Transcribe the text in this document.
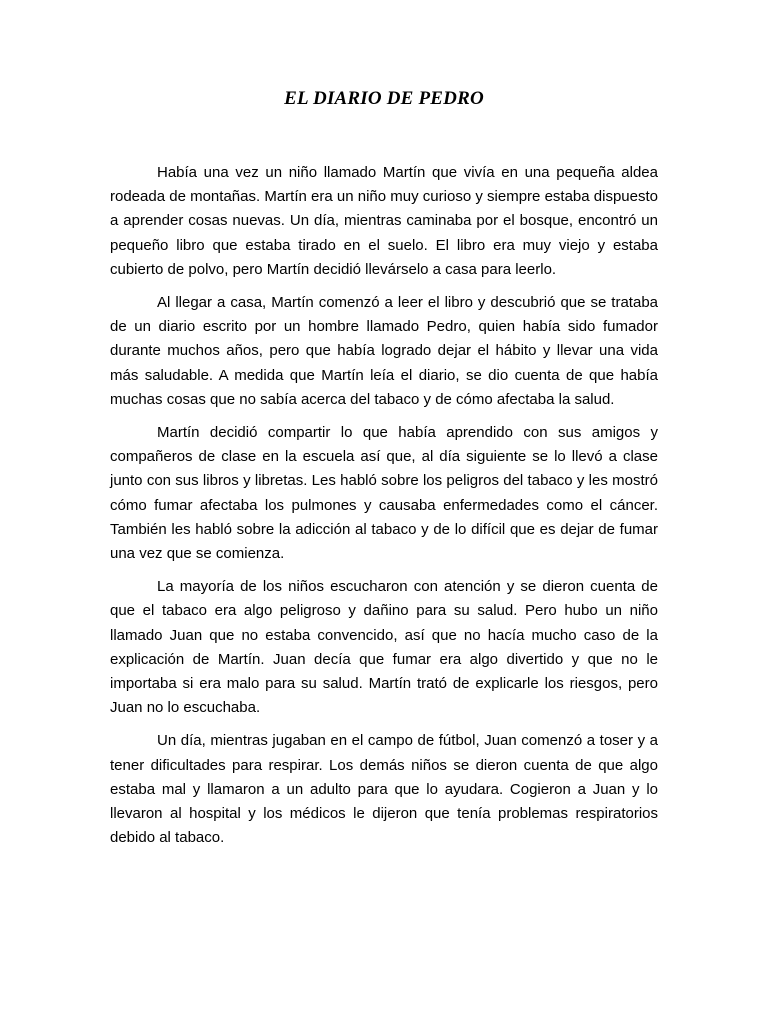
EL DIARIO DE PEDRO

Había una vez un niño llamado Martín que vivía en una pequeña aldea rodeada de montañas. Martín era un niño muy curioso y siempre estaba dispuesto a aprender cosas nuevas. Un día, mientras caminaba por el bosque, encontró un pequeño libro que estaba tirado en el suelo. El libro era muy viejo y estaba cubierto de polvo, pero Martín decidió llevárselo a casa para leerlo.

Al llegar a casa, Martín comenzó a leer el libro y descubrió que se trataba de un diario escrito por un hombre llamado Pedro, quien había sido fumador durante muchos años, pero que había logrado dejar el hábito y llevar una vida más saludable. A medida que Martín leía el diario, se dio cuenta de que había muchas cosas que no sabía acerca del tabaco y de cómo afectaba la salud.

Martín decidió compartir lo que había aprendido con sus amigos y compañeros de clase en la escuela así que, al día siguiente se lo llevó a clase junto con sus libros y libretas. Les habló sobre los peligros del tabaco y les mostró cómo fumar afectaba los pulmones y causaba enfermedades como el cáncer. También les habló sobre la adicción al tabaco y de lo difícil que es dejar de fumar una vez que se comienza.

La mayoría de los niños escucharon con atención y se dieron cuenta de que el tabaco era algo peligroso y dañino para su salud. Pero hubo un niño llamado Juan que no estaba convencido, así que no hacía mucho caso de la explicación de Martín. Juan decía que fumar era algo divertido y que no le importaba si era malo para su salud. Martín trató de explicarle los riesgos, pero Juan no lo escuchaba.

Un día, mientras jugaban en el campo de fútbol, Juan comenzó a toser y a tener dificultades para respirar. Los demás niños se dieron cuenta de que algo estaba mal y llamaron a un adulto para que lo ayudara. Cogieron a Juan y lo llevaron al hospital y los médicos le dijeron que tenía problemas respiratorios debido al tabaco.
